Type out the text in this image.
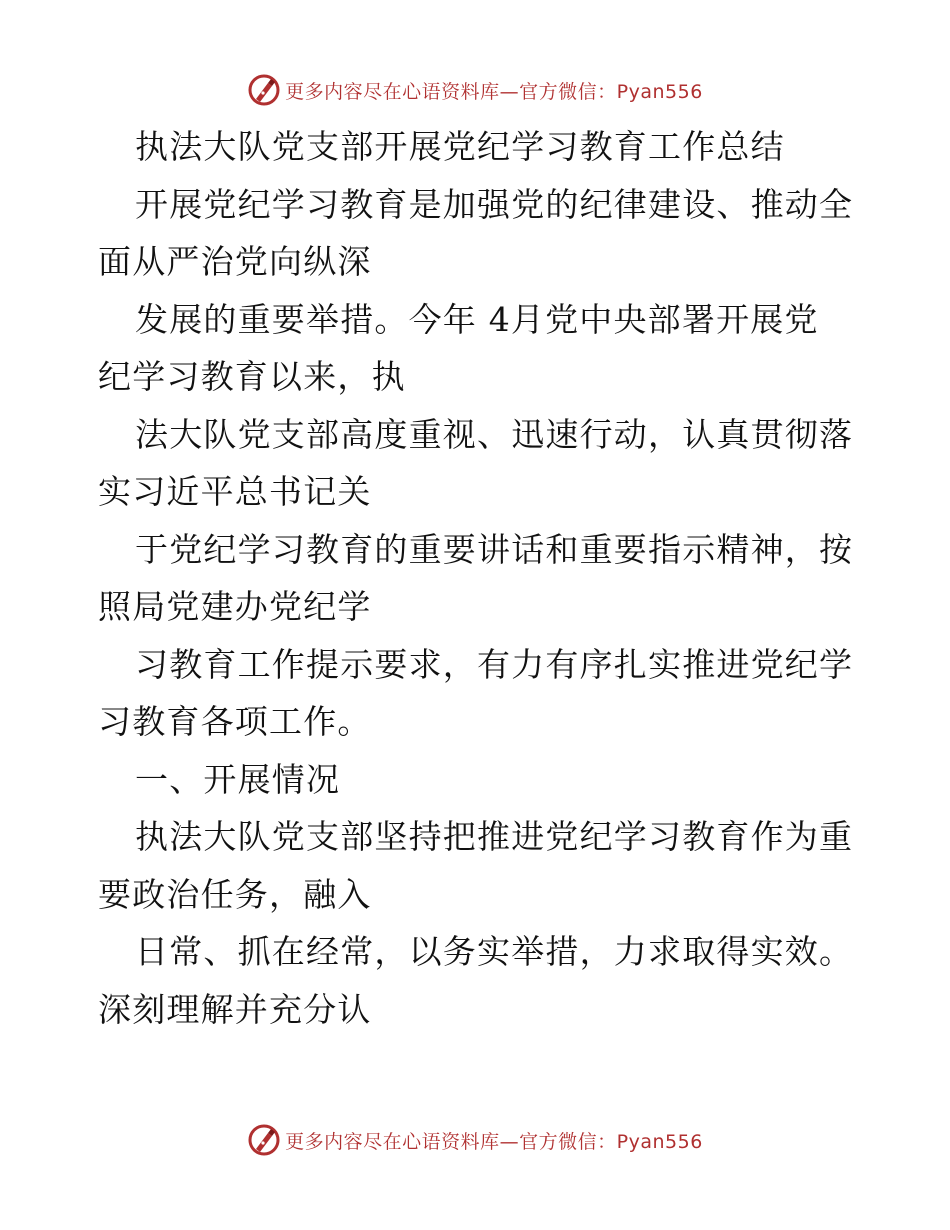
更多内容尽在心语资料库—官方微信：Pyan556
执法大队党支部开展党纪学习教育工作总结
开展党纪学习教育是加强党的纪律建设、推动全
面从严治党向纵深
发展的重要举措。今年 4月党中央部署开展党
纪学习教育以来，执
法大队党支部高度重视、迅速行动，认真贯彻落
实习近平总书记关
于党纪学习教育的重要讲话和重要指示精神，按
照局党建办党纪学
习教育工作提示要求，有力有序扎实推进党纪学
习教育各项工作。
一、开展情况
执法大队党支部坚持把推进党纪学习教育作为重
要政治任务，融入
日常、抓在经常，以务实举措，力求取得实效。
深刻理解并充分认
更多内容尽在心语资料库—官方微信：Pyan556
